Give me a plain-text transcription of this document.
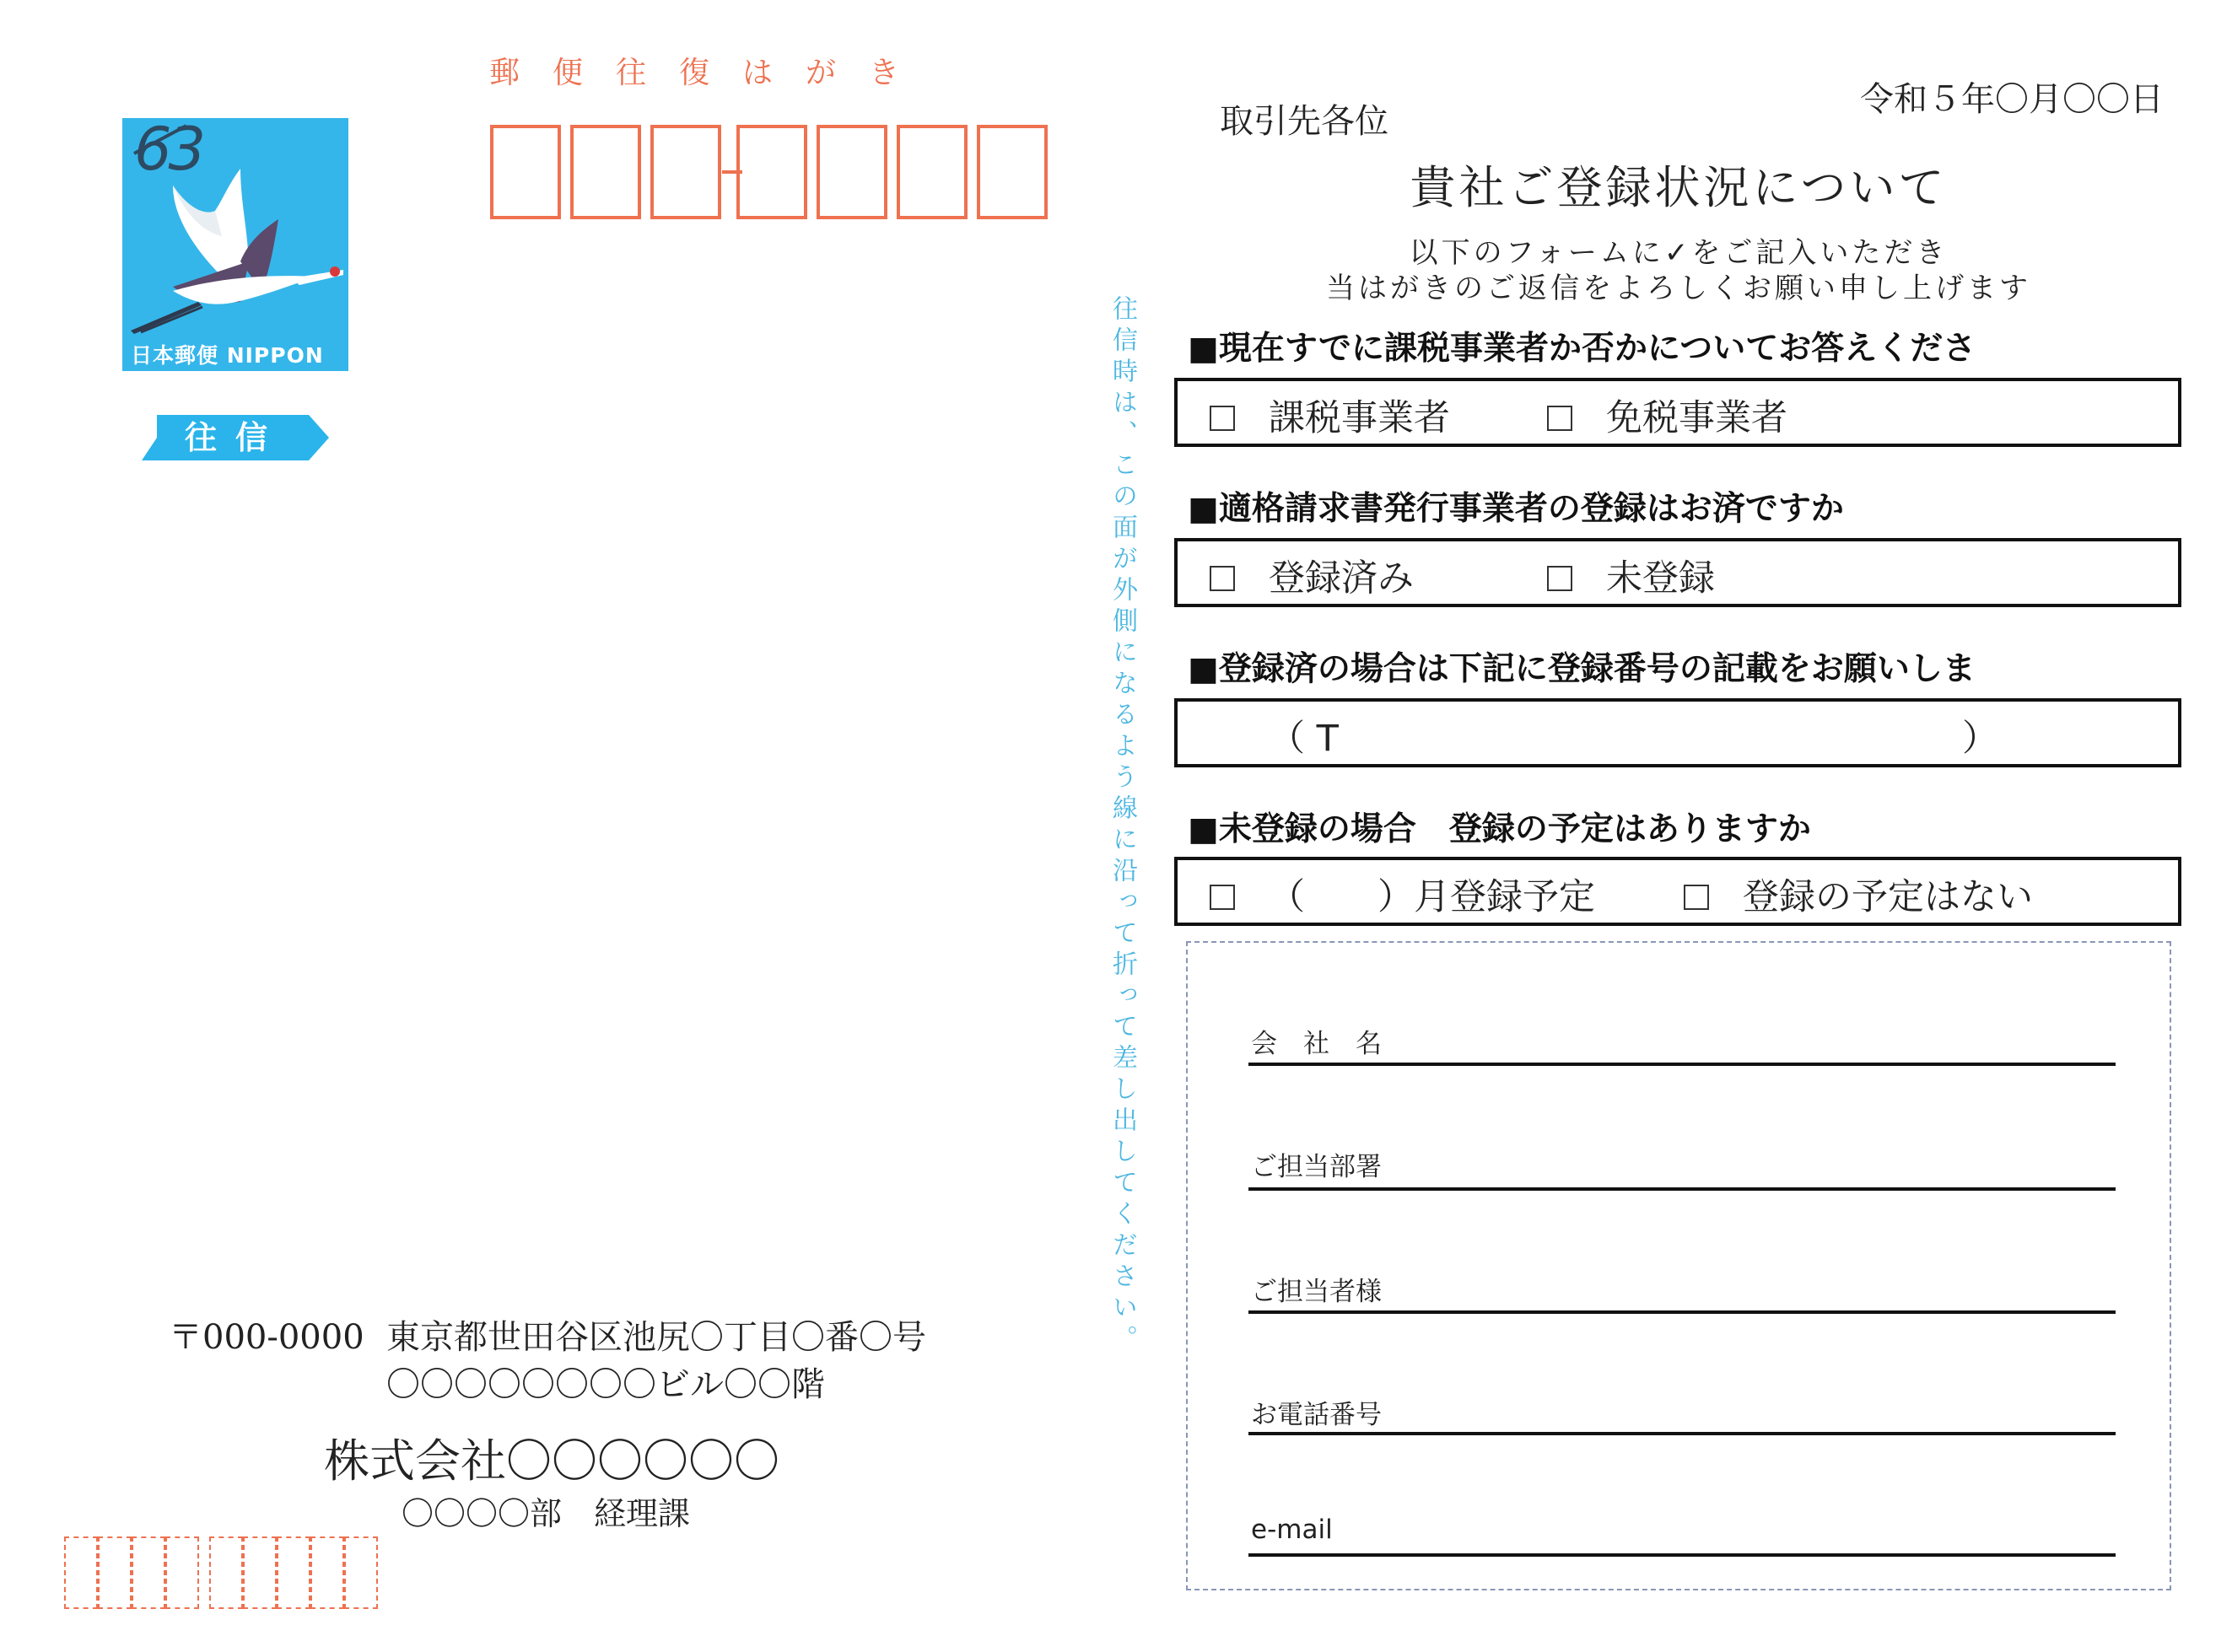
63
日本郵便 NIPPON
往信
郵便往復はがき
往信時は、この面が外側になるよう線に沿って折って差し出してください。
〒000-0000 東京都世田谷区池尻〇丁目〇番〇号
〇〇〇〇〇〇〇〇ビル〇〇階
株式会社〇〇〇〇〇〇
〇〇〇〇部　経理課
令和５年〇月〇〇日
取引先各位
貴社ご登録状況について
以下のフォームに✓をご記入いただき
当はがきのご返信をよろしくお願い申し上げます
■現在すでに課税事業者か否かについてお答えくださ
課税事業者	免税事業者
■適格請求書発行事業者の登録はお済ですか
登録済み	未登録
■登録済の場合は下記に登録番号の記載をお願いしま
（ T	）
■未登録の場合　登録の予定はありますか
（　　）月登録予定	登録の予定はない
会　社　名
ご担当部署
ご担当者様
お電話番号
e-mail
